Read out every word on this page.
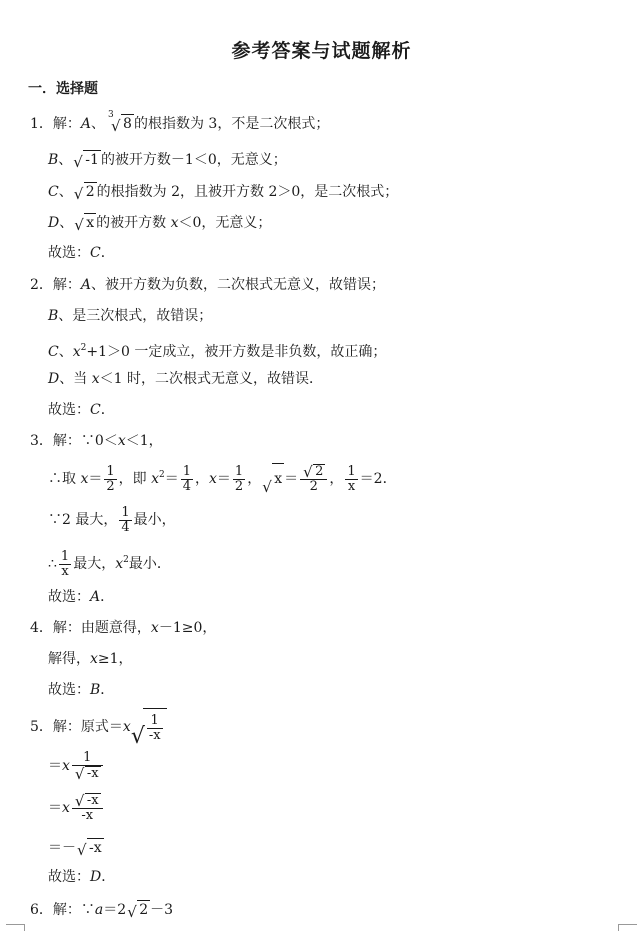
参考答案与试题解析
一．选择题
1．解：A、
3
√ 8 的根指数为 3，不是二次根式；
B、 √ -1 的被开方数－1＜0，无意义；
C、 √ 2 的根指数为 2，且被开方数 2＞0，是二次根式；
D、 √ x 的被开方数 x＜0，无意义；
故选：C．
2．解：A、被开方数为负数，二次根式无意义，故错误；
B、是三次根式，故错误；
C、$x^2+1>0$ 一定成立，被开方数是非负数，故正确；
D、当 x＜1 时，二次根式无意义，故错误．
故选：C．
3．解：∵0＜x＜1，
∴取 $x= \frac{1}{2}$ ，即 $x^2= \frac{1}{4}$ ，$x= \frac{1}{2}$ ， √ $x = \frac{√ 2}{2}$ ， $\frac{1}{x} =2$．
∵2 最大， $\frac{1}{4}$ 最小，
∴ $\frac{1}{x}$ 最大，$x^2$最小．
故选：A．
4．解：由题意得，x－1≥0，
解得，x≥1，
故选：B．
5．解：原式＝x √ $\frac{1}{-x}$
$=x \frac{1}{√ -x}$
$=x \frac{√ -x}{-x}$
＝－ √ -x
故选：D．
6．解：∵a＝2 √ 2 －3
